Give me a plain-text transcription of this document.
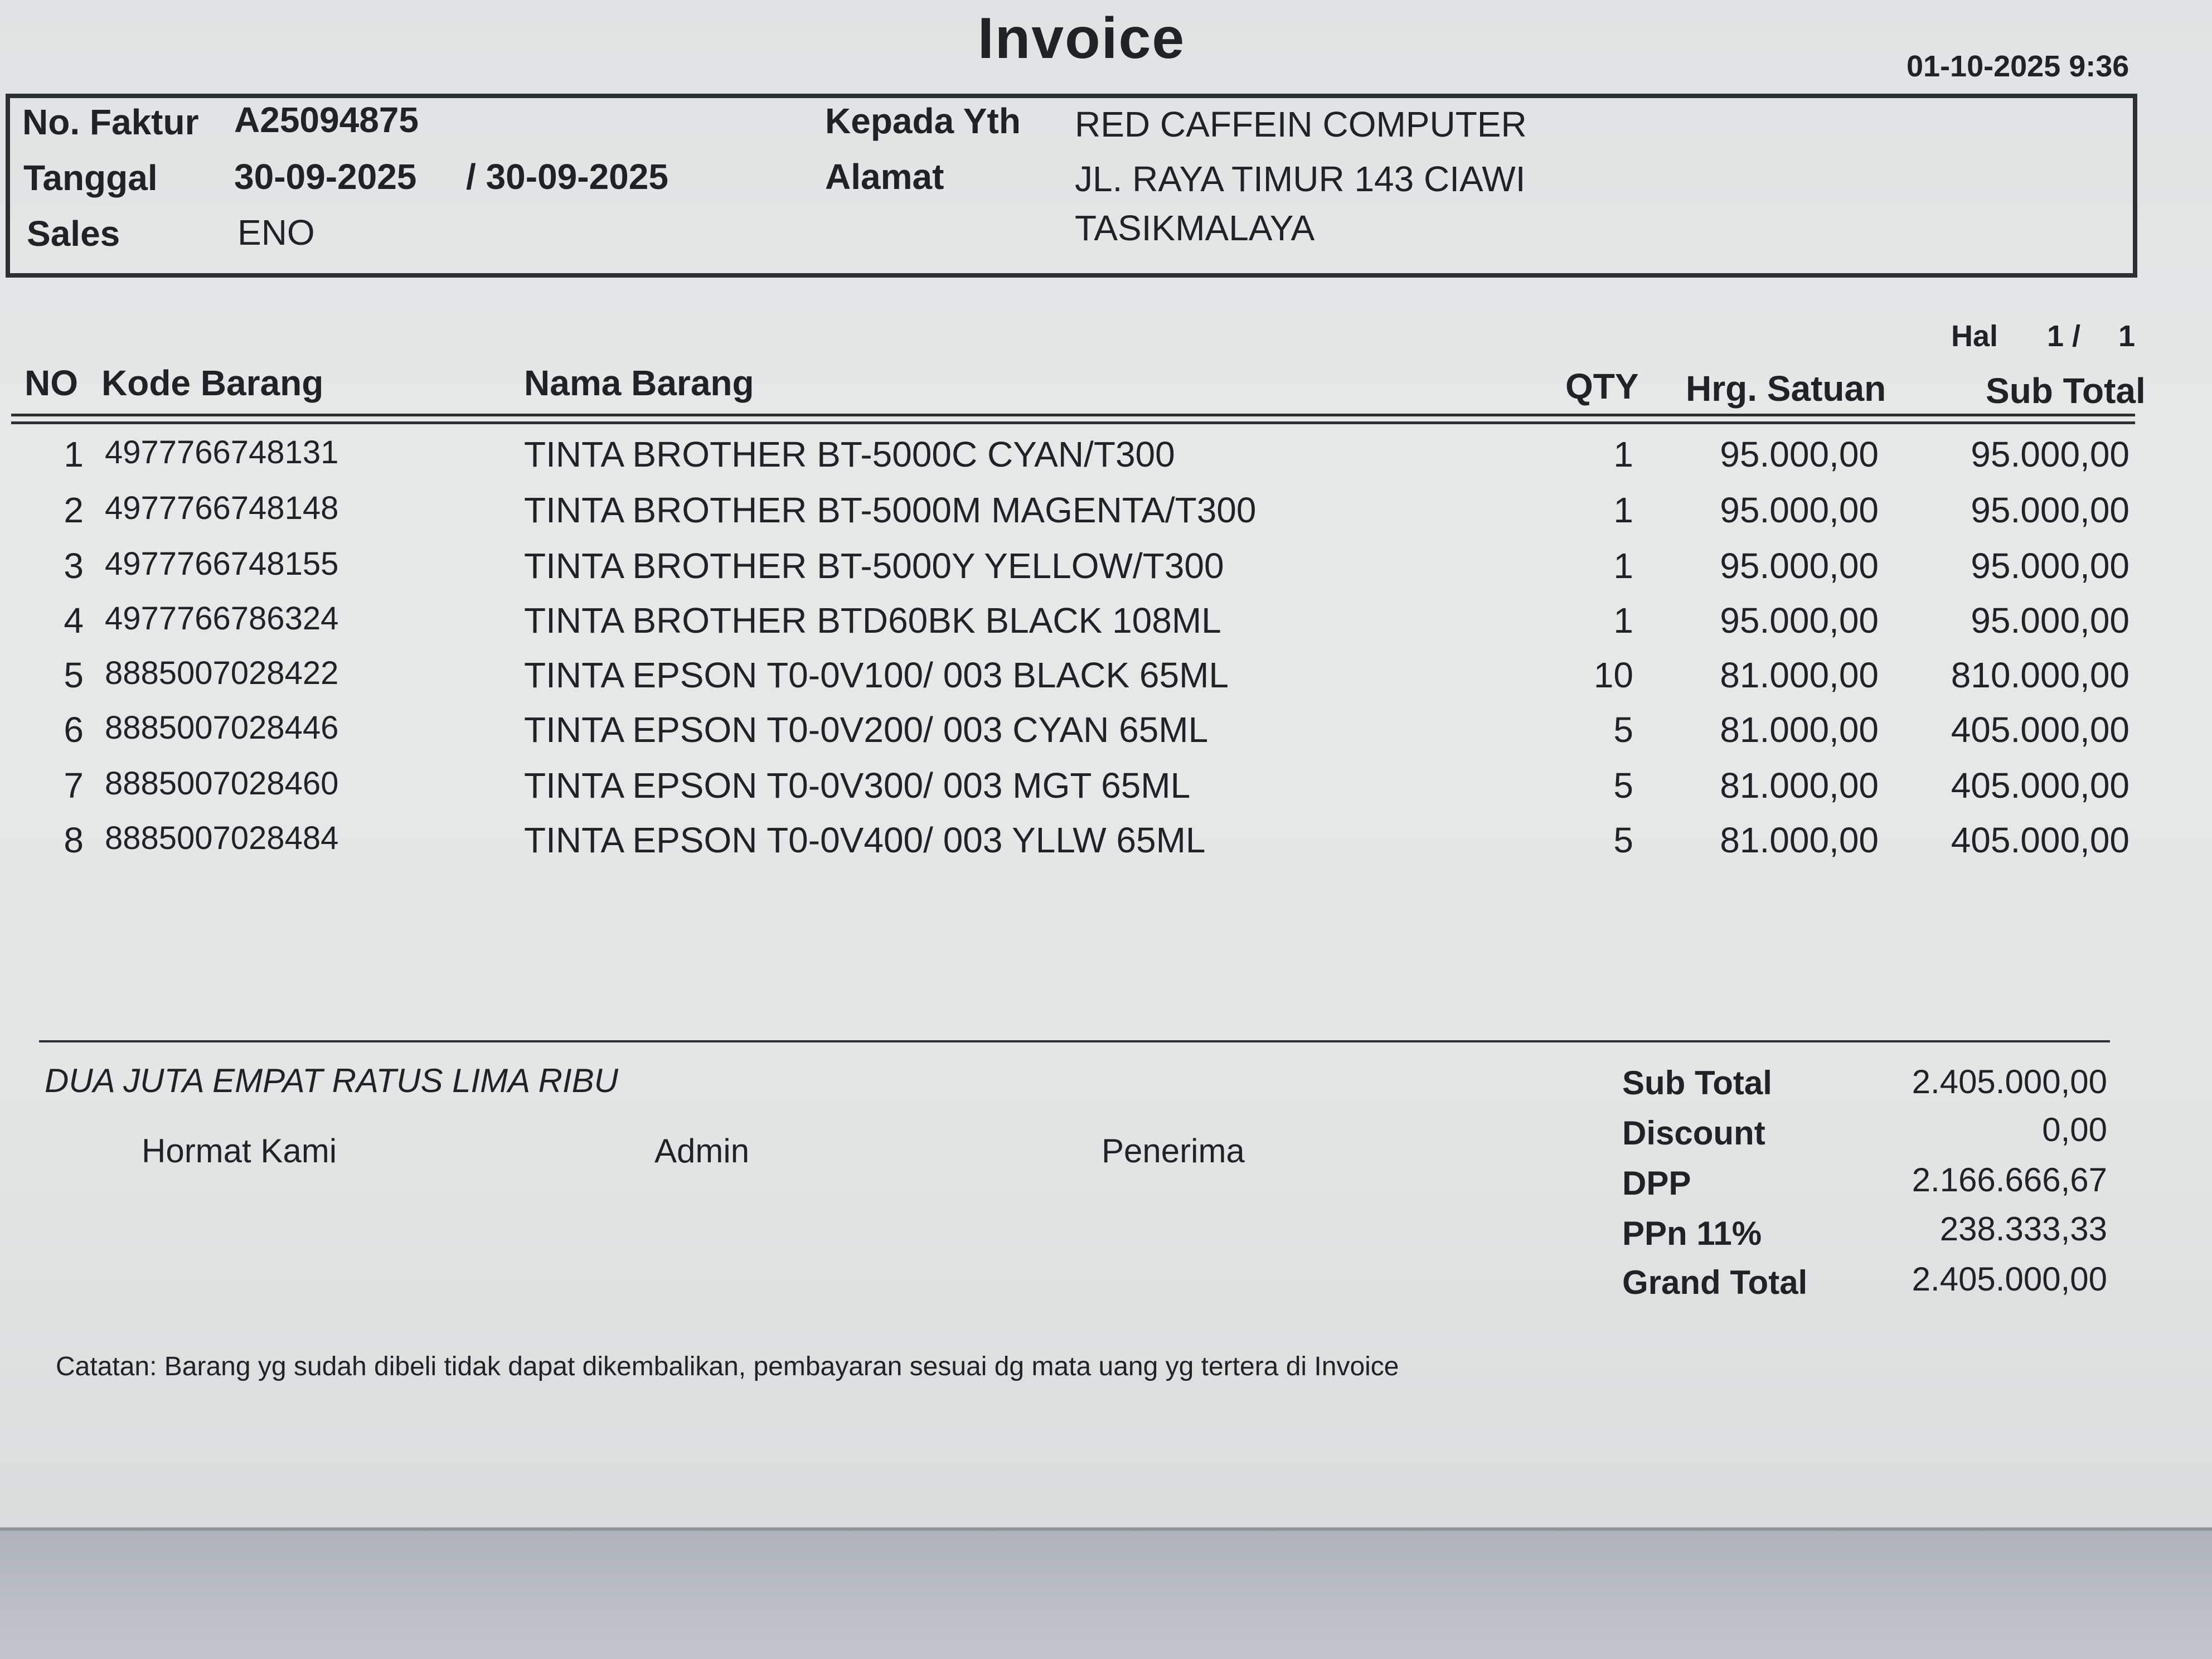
Invoice	01-10-2025 9:36
No. Faktur A25094875
Tanggal 30-09-2025 / 30-09-2025
Sales	ENO
Kepada Yth RED CAFFEIN COMPUTER
Alamat	JL. RAYA TIMUR 143 CIAWI
TASIKMALAYA
Hal 1 / 1
NO Kode Barang	Nama Barang	QTY Hrg. Satuan	Sub Total
1 4977766748131	TINTA BROTHER BT-5000C CYAN/T300	1	95.000,00	95.000,00
2 4977766748148	TINTA BROTHER BT-5000M MAGENTA/T300	1	95.000,00	95.000,00
3 4977766748155	TINTA BROTHER BT-5000Y YELLOW/T300	1	95.000,00	95.000,00
4 4977766786324	TINTA BROTHER BTD60BK BLACK 108ML	1	95.000,00	95.000,00
5 8885007028422	TINTA EPSON T0-0V100/ 003 BLACK 65ML	10	81.000,00	810.000,00
6 8885007028446	TINTA EPSON T0-0V200/ 003 CYAN 65ML	5	81.000,00	405.000,00
7 8885007028460	TINTA EPSON T0-0V300/ 003 MGT 65ML	5	81.000,00	405.000,00
8 8885007028484	TINTA EPSON T0-0V400/ 003 YLLW 65ML	5	81.000,00	405.000,00
DUA JUTA EMPAT RATUS LIMA RIBU
Hormat Kami	Admin	Penerima
Sub Total	2.405.000,00
Discount	0,00
DPP	2.166.666,67
PPn 11%	238.333,33
Grand Total	2.405.000,00
Catatan: Barang yg sudah dibeli tidak dapat dikembalikan, pembayaran sesuai dg mata uang yg tertera di Invoice
